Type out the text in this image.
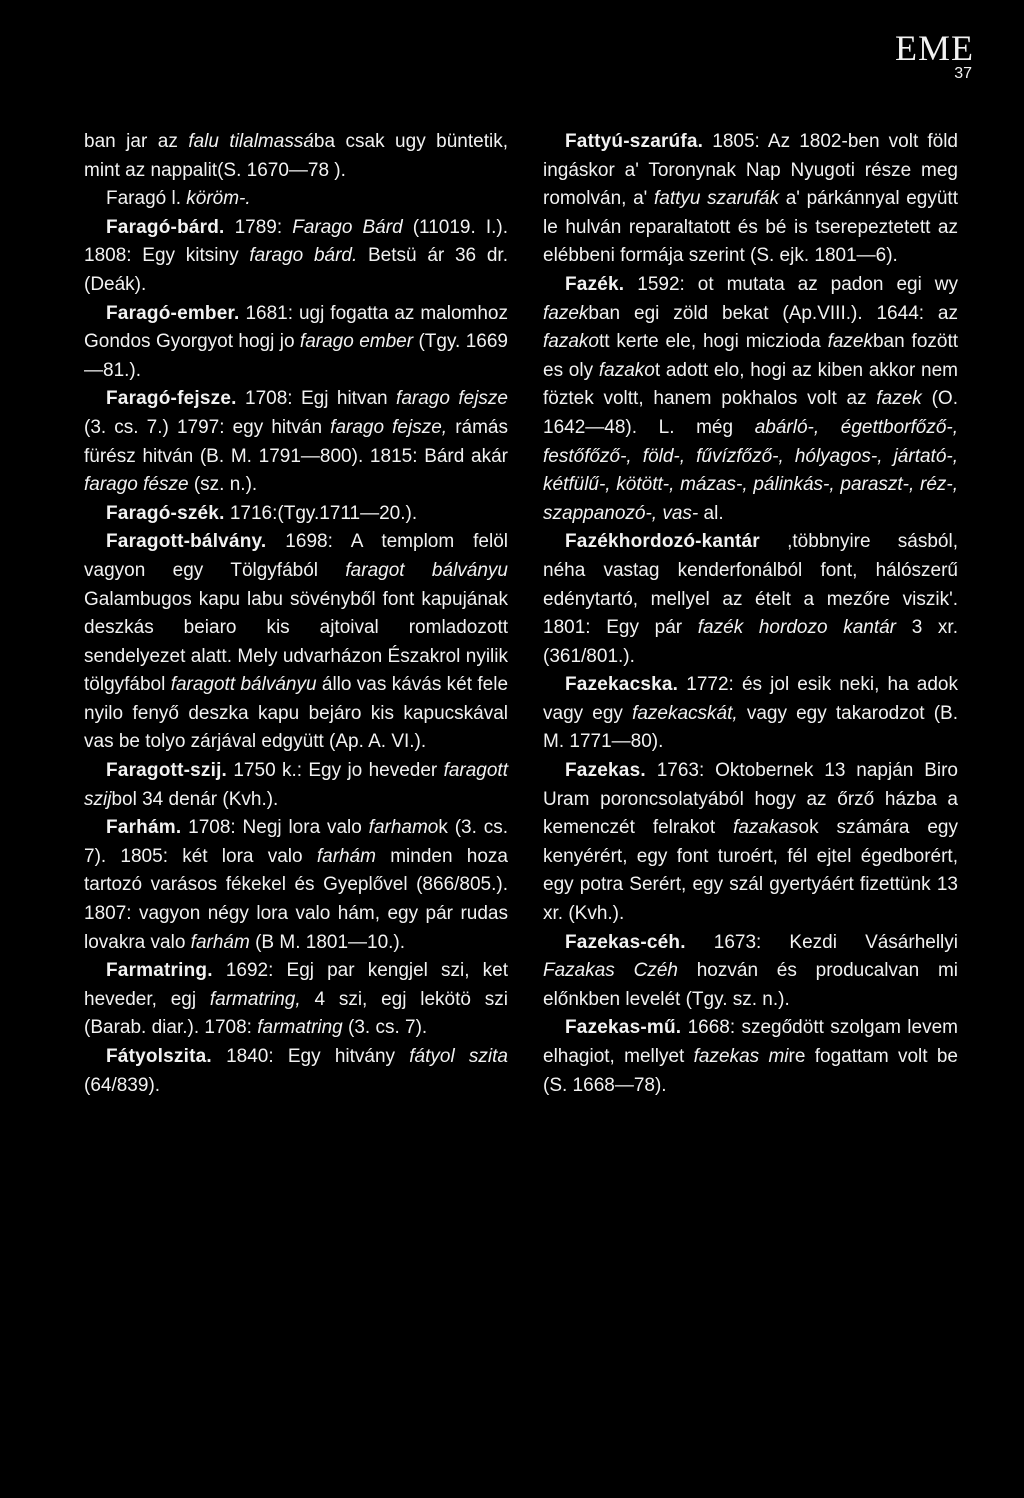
EME
37

ban jar az falu tilalmassába csak ugy büntetik, mint az nappalit(S. 1670—78 ).

Faragó l. köröm-.

Faragó-bárd. 1789: Farago Bárd (11019. I.). 1808: Egy kitsiny farago bárd. Betsü ár 36 dr. (Deák).

Faragó-ember. 1681: ugj fogatta az malomhoz Gondos Gyorgyot hogj jo farago ember (Tgy. 1669—81.).

Faragó-fejsze. 1708: Egj hitvan farago fejsze (3. cs. 7.) 1797: egy hitván farago fejsze, rámás fürész hitván (B. M. 1791—800). 1815: Bárd akár farago fésze (sz. n.).

Faragó-szék. 1716:(Tgy.1711—20.).

Faragott-bálvány. 1698: A templom felöl vagyon egy Tölgyfából faragot bálványu Galambugos kapu labu sövényből font kapujának deszkás beiaro kis ajtoival romladozott sendelyezet alatt. Mely udvarházon Északrol nyilik tölgyfábol faragott bálványu állo vas kávás két fele nyilo fenyő deszka kapu bejáro kis kapucskával vas be tolyo zárjával edgyütt (Ap. A. VI.).

Faragott-szij. 1750 k.: Egy jo heveder faragott szijbol 34 denár (Kvh.).

Farhám. 1708: Negj lora valo farhamok (3. cs. 7). 1805: két lora valo farhám minden hoza tartozó varásos fékekel és Gyeplővel (866/805.). 1807: vagyon négy lora valo hám, egy pár rudas lovakra valo farhám (B M. 1801—10.).

Farmatring. 1692: Egj par kengjel szi, ket heveder, egj farmatring, 4 szi, egj lekötö szi (Barab. diar.). 1708: farmatring (3. cs. 7).

Fátyolszita. 1840: Egy hitvány fátyol szita (64/839).

Fattyú-szarúfa. 1805: Az 1802-ben volt föld ingáskor a' Toronynak Nap Nyugoti része meg romolván, a' fattyu szarufák a' párkánnyal együtt le hulván reparaltatott és bé is tserepeztetett az elébbeni formája szerint (S. ejk. 1801—6).

Fazék. 1592: ot mutata az padon egi wy fazekban egi zöld bekat (Ap.VIII.). 1644: az fazakott kerte ele, hogi miczioda fazekban fozött es oly fazakot adott elo, hogi az kiben akkor nem föztek voltt, hanem pokhalos volt az fazek (O. 1642—48). L. még abárló-, égettborfőző-, festőfőző-, föld-, fűvízfőző-, hólyagos-, jártató-, kétfülű-, kötött-, mázas-, pálinkás-, paraszt-, réz-, szappanozó-, vas- al.

Fazékhordozó-kantár ,többnyire sásból, néha vastag kenderfonálból font, hálószerű edénytartó, mellyel az ételt a mezőre viszik'. 1801: Egy pár fazék hordozo kantár 3 xr. (361/801.).

Fazekacska. 1772: és jol esik neki, ha adok vagy egy fazekacskát, vagy egy takarodzot (B. M. 1771—80).

Fazekas. 1763: Oktobernek 13 napján Biro Uram poroncsolatyából hogy az őrző házba a kemenczét felrakot fazakasok számára egy kenyérért, egy font turoért, fél ejtel égedborért, egy potra Serért, egy szál gyertyáért fizettünk 13 xr. (Kvh.).

Fazekas-céh. 1673: Kezdi Vásárhellyi Fazakas Czéh hozván és producalvan mi előnkben levelét (Tgy. sz. n.).

Fazekas-mű. 1668: szegődött szolgam levem elhagiot, mellyet fazekas mire fogattam volt be (S. 1668—78).
